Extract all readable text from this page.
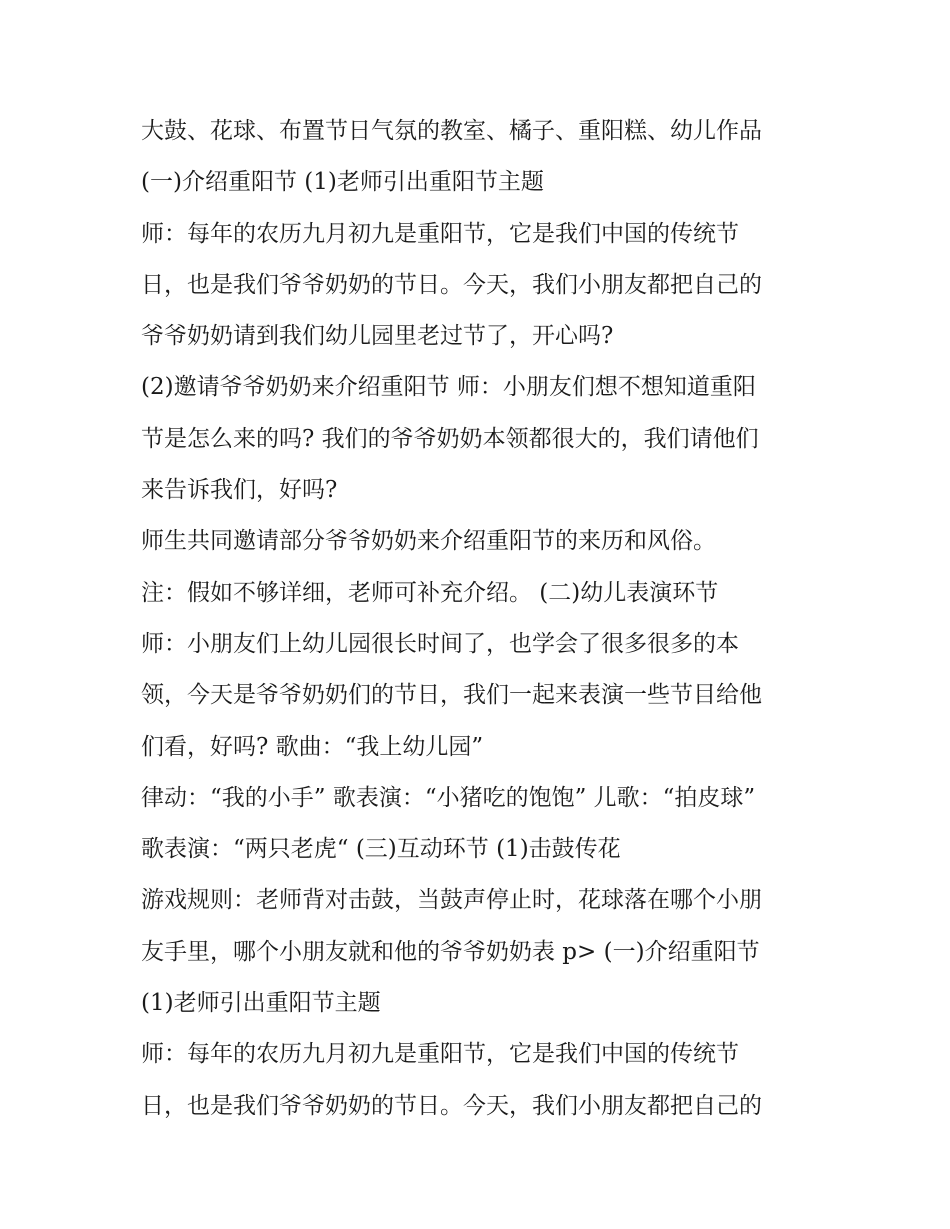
大鼓、花球、布置节日气氛的教室、橘子、重阳糕、幼儿作品
(一)介绍重阳节 (1)老师引出重阳节主题
师：每年的农历九月初九是重阳节，它是我们中国的传统节
日，也是我们爷爷奶奶的节日。今天，我们小朋友都把自己的
爷爷奶奶请到我们幼儿园里老过节了，开心吗?
(2)邀请爷爷奶奶来介绍重阳节 师：小朋友们想不想知道重阳
节是怎么来的吗? 我们的爷爷奶奶本领都很大的，我们请他们
来告诉我们，好吗?
师生共同邀请部分爷爷奶奶来介绍重阳节的来历和风俗。
注：假如不够详细，老师可补充介绍。 (二)幼儿表演环节
师：小朋友们上幼儿园很长时间了，也学会了很多很多的本
领，今天是爷爷奶奶们的节日，我们一起来表演一些节目给他
们看，好吗? 歌曲：“我上幼儿园”
律动：“我的小手” 歌表演：“小猪吃的饱饱” 儿歌：“拍皮球”
歌表演：“两只老虎“ (三)互动环节 (1)击鼓传花
游戏规则：老师背对击鼓，当鼓声停止时，花球落在哪个小朋
友手里，哪个小朋友就和他的爷爷奶奶表 p> (一)介绍重阳节
(1)老师引出重阳节主题
师：每年的农历九月初九是重阳节，它是我们中国的传统节
日，也是我们爷爷奶奶的节日。今天，我们小朋友都把自己的
